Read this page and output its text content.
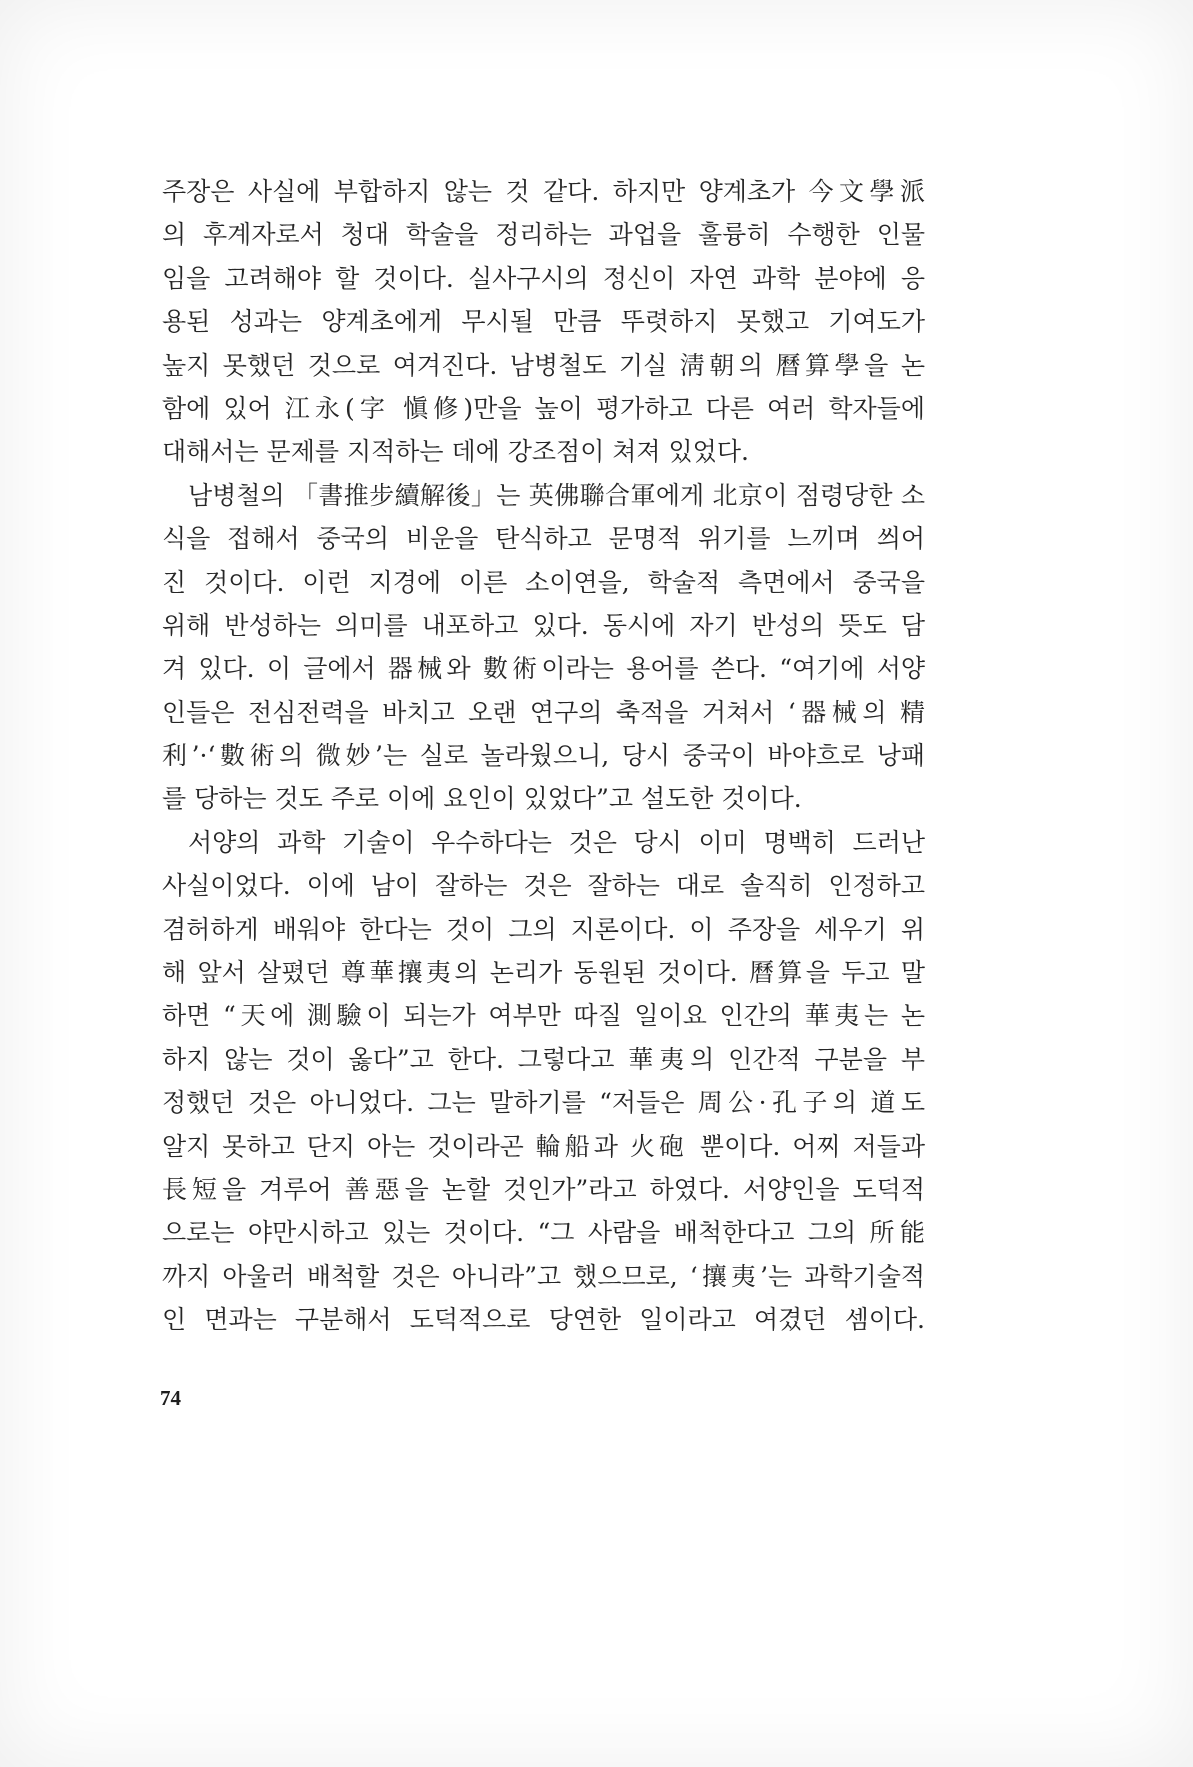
주장은 사실에 부합하지 않는 것 같다. 하지만 양계초가 今文學派
의 후계자로서 청대 학술을 정리하는 과업을 훌륭히 수행한 인물
임을 고려해야 할 것이다. 실사구시의 정신이 자연 과학 분야에 응
용된 성과는 양계초에게 무시될 만큼 뚜렷하지 못했고 기여도가
높지 못했던 것으로 여겨진다. 남병철도 기실 淸朝의 曆算學을 논
함에 있어 江永(字 愼修)만을 높이 평가하고 다른 여러 학자들에
대해서는 문제를 지적하는 데에 강조점이 쳐져 있었다.
남병철의 「書推步續解後」는 英佛聯合軍에게 北京이 점령당한 소
식을 접해서 중국의 비운을 탄식하고 문명적 위기를 느끼며 씌어
진 것이다. 이런 지경에 이른 소이연을, 학술적 측면에서 중국을
위해 반성하는 의미를 내포하고 있다. 동시에 자기 반성의 뜻도 담
겨 있다. 이 글에서 器械와 數術이라는 용어를 쓴다. “여기에 서양
인들은 전심전력을 바치고 오랜 연구의 축적을 거쳐서 ‘器械의 精
利’·‘數術의 微妙’는 실로 놀라웠으니, 당시 중국이 바야흐로 낭패
를 당하는 것도 주로 이에 요인이 있었다”고 설도한 것이다.
서양의 과학 기술이 우수하다는 것은 당시 이미 명백히 드러난
사실이었다. 이에 남이 잘하는 것은 잘하는 대로 솔직히 인정하고
겸허하게 배워야 한다는 것이 그의 지론이다. 이 주장을 세우기 위
해 앞서 살폈던 尊華攘夷의 논리가 동원된 것이다. 曆算을 두고 말
하면 “天에 測驗이 되는가 여부만 따질 일이요 인간의 華夷는 논
하지 않는 것이 옳다”고 한다. 그렇다고 華夷의 인간적 구분을 부
정했던 것은 아니었다. 그는 말하기를 “저들은 周公·孔子의 道도
알지 못하고 단지 아는 것이라곤 輪船과 火砲 뿐이다. 어찌 저들과
長短을 겨루어 善惡을 논할 것인가”라고 하였다. 서양인을 도덕적
으로는 야만시하고 있는 것이다. “그 사람을 배척한다고 그의 所能
까지 아울러 배척할 것은 아니라”고 했으므로, ‘攘夷’는 과학기술적
인 면과는 구분해서 도덕적으로 당연한 일이라고 여겼던 셈이다.
74
